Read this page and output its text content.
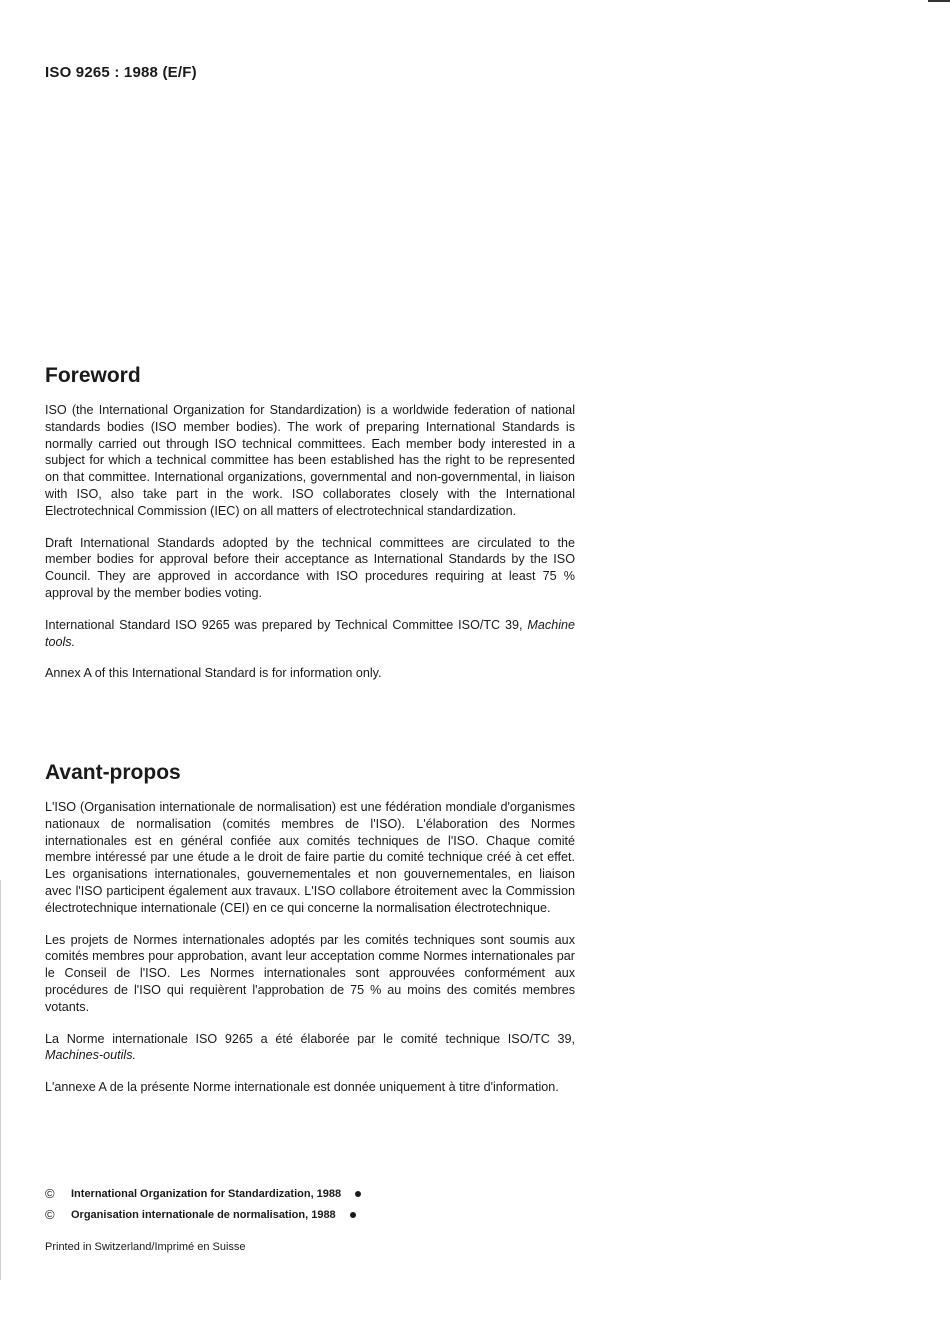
ISO 9265 : 1988 (E/F)
Foreword

ISO (the International Organization for Standardization) is a worldwide federation of national standards bodies (ISO member bodies). The work of preparing International Standards is normally carried out through ISO technical committees. Each member body interested in a subject for which a technical committee has been established has the right to be represented on that committee. International organizations, governmental and non-governmental, in liaison with ISO, also take part in the work. ISO collaborates closely with the International Electrotechnical Commission (IEC) on all matters of electrotechnical standardization.

Draft International Standards adopted by the technical committees are circulated to the member bodies for approval before their acceptance as International Standards by the ISO Council. They are approved in accordance with ISO procedures requiring at least 75 % approval by the member bodies voting.

International Standard ISO 9265 was prepared by Technical Committee ISO/TC 39, Machine tools.

Annex A of this International Standard is for information only.

Avant-propos

L'ISO (Organisation internationale de normalisation) est une fédération mondiale d'organismes nationaux de normalisation (comités membres de l'ISO). L'élaboration des Normes internationales est en général confiée aux comités techniques de l'ISO. Chaque comité membre intéressé par une étude a le droit de faire partie du comité technique créé à cet effet. Les organisations internationales, gouvernementales et non gouvernementales, en liaison avec l'ISO participent également aux travaux. L'ISO collabore étroitement avec la Commission électrotechnique internationale (CEI) en ce qui concerne la normalisation électrotechnique.

Les projets de Normes internationales adoptés par les comités techniques sont soumis aux comités membres pour approbation, avant leur acceptation comme Normes internationales par le Conseil de l'ISO. Les Normes internationales sont approuvées conformément aux procédures de l'ISO qui requièrent l'approbation de 75 % au moins des comités membres votants.

La Norme internationale ISO 9265 a été élaborée par le comité technique ISO/TC 39, Machines-outils.

L'annexe A de la présente Norme internationale est donnée uniquement à titre d'information.

©	International Organization for Standardization, 1988
©	Organisation internationale de normalisation, 1988
Printed in Switzerland/Imprimé en Suisse
